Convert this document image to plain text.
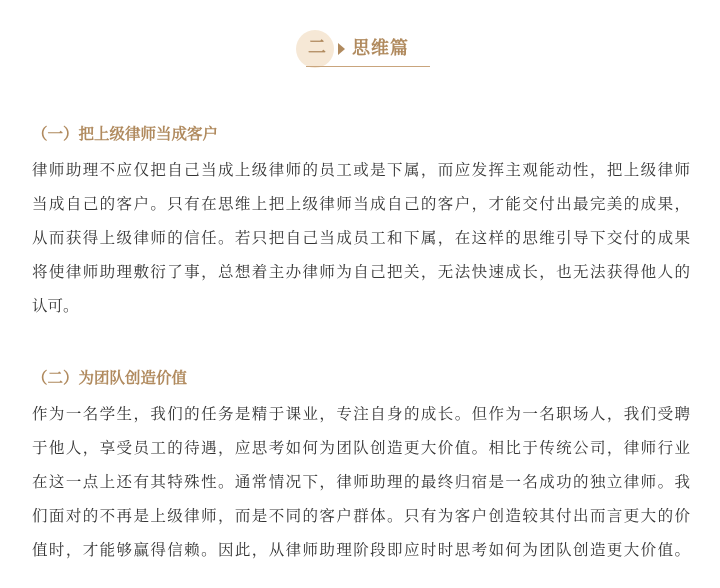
二	思维篇
（一）把上级律师当成客户
律师助理不应仅把自己当成上级律师的员工或是下属，而应发挥主观能动性，把上级律师
当成自己的客户。只有在思维上把上级律师当成自己的客户，才能交付出最完美的成果，
从而获得上级律师的信任。若只把自己当成员工和下属，在这样的思维引导下交付的成果
将使律师助理敷衍了事，总想着主办律师为自己把关，无法快速成长，也无法获得他人的
认可。
（二）为团队创造价值
作为一名学生，我们的任务是精于课业，专注自身的成长。但作为一名职场人，我们受聘
于他人，享受员工的待遇，应思考如何为团队创造更大价值。相比于传统公司，律师行业
在这一点上还有其特殊性。通常情况下，律师助理的最终归宿是一名成功的独立律师。我
们面对的不再是上级律师，而是不同的客户群体。只有为客户创造较其付出而言更大的价
值时，才能够赢得信赖。因此，从律师助理阶段即应时时思考如何为团队创造更大价值。
